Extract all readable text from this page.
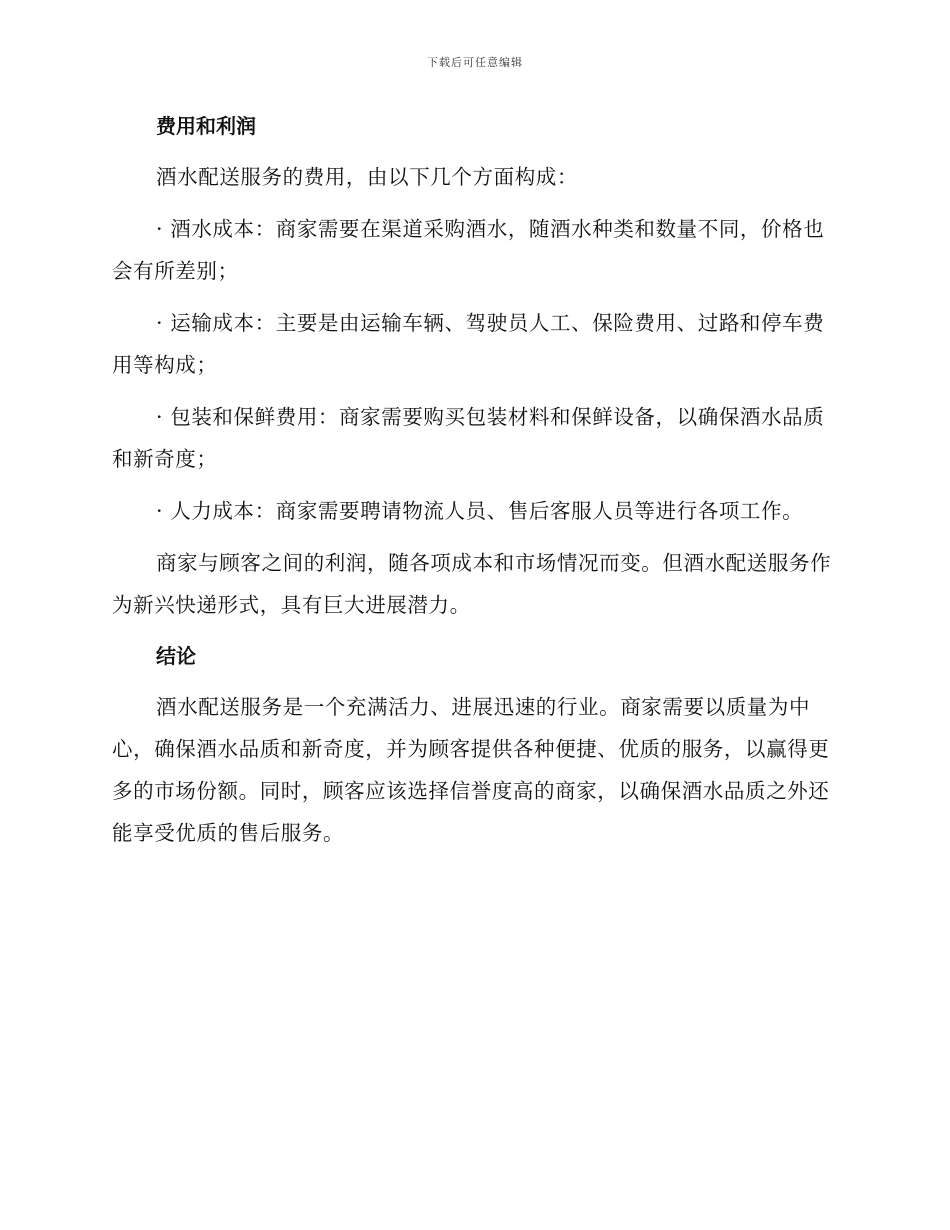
下载后可任意编辑
费用和利润

酒水配送服务的费用，由以下几个方面构成：

· 酒水成本：商家需要在渠道采购酒水，随酒水种类和数量不同，价格也会有所差别；

· 运输成本：主要是由运输车辆、驾驶员人工、保险费用、过路和停车费用等构成；

· 包装和保鲜费用：商家需要购买包装材料和保鲜设备，以确保酒水品质和新奇度；

· 人力成本：商家需要聘请物流人员、售后客服人员等进行各项工作。

商家与顾客之间的利润，随各项成本和市场情况而变。但酒水配送服务作为新兴快递形式，具有巨大进展潜力。

结论

酒水配送服务是一个充满活力、进展迅速的行业。商家需要以质量为中心，确保酒水品质和新奇度，并为顾客提供各种便捷、优质的服务，以赢得更多的市场份额。同时，顾客应该选择信誉度高的商家，以确保酒水品质之外还能享受优质的售后服务。
